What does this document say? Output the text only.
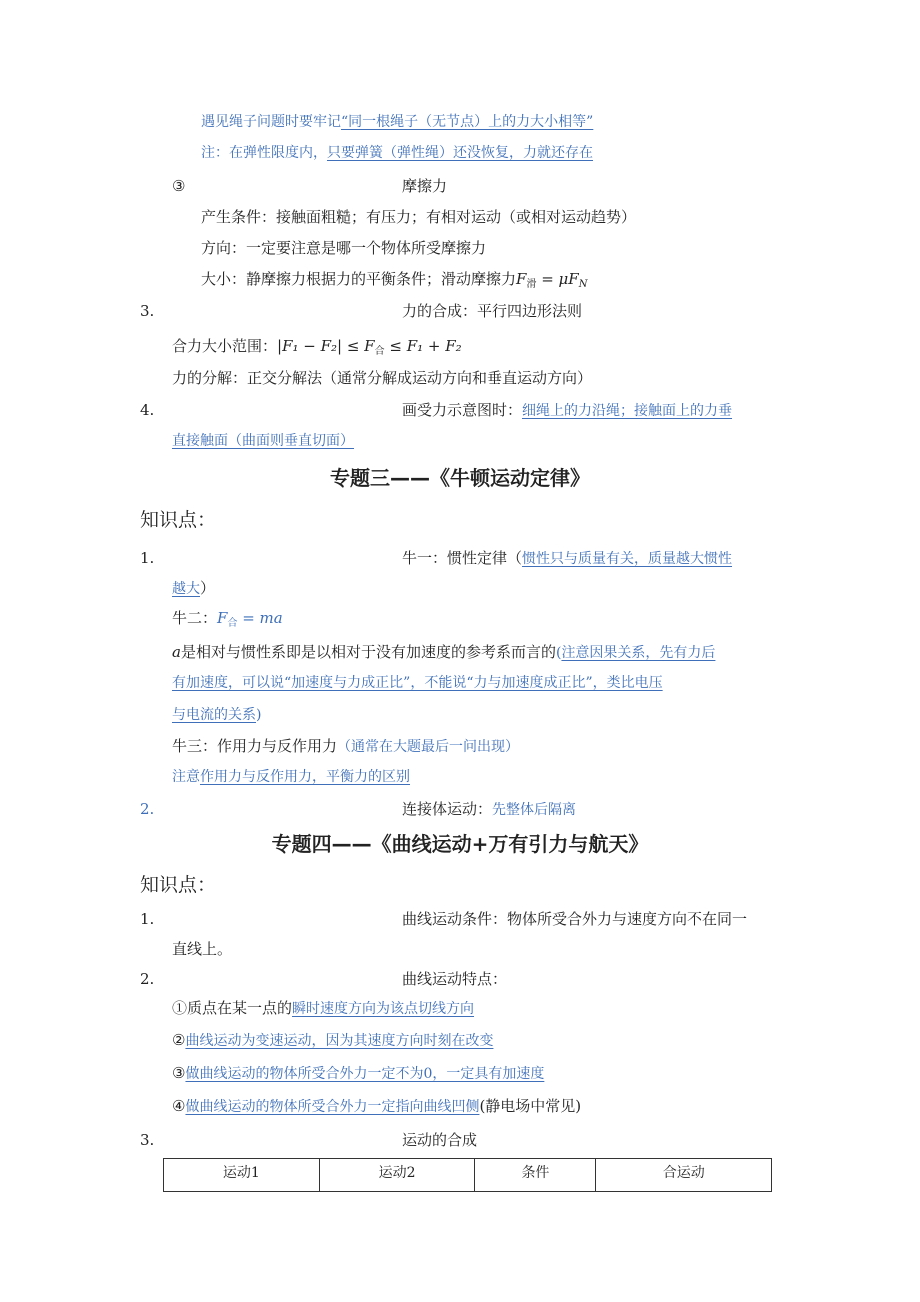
遇见绳子问题时要牢记“同一根绳子（无节点）上的力大小相等”
注：在弹性限度内，只要弹簧（弹性绳）还没恢复，力就还存在
③	摩擦力
产生条件：接触面粗糙；有压力；有相对运动（或相对运动趋势）
方向：一定要注意是哪一个物体所受摩擦力
大小：静摩擦力根据力的平衡条件；滑动摩擦力$F_滑 = \mu F_N$
3.	力的合成：平行四边形法则
合力大小范围：$|F_1 - F_2| \le F_合 \le F_1 + F_2$
力的分解：正交分解法（通常分解成运动方向和垂直运动方向）
4.	画受力示意图时：细绳上的力沿绳；接触面上的力垂
直接触面（曲面则垂直切面）
专题三——《牛顿运动定律》
知识点：
1.	牛一：惯性定律（惯性只与质量有关，质量越大惯性
越大）
牛二：$F_合$ = ma
a是相对与惯性系即是以相对于没有加速度的参考系而言的(注意因果关系，先有力后
有加速度，可以说“加速度与力成正比”，不能说“力与加速度成正比”，类比电压
与电流的关系)
牛三：作用力与反作用力（通常在大题最后一问出现）
注意作用力与反作用力，平衡力的区别
2.	连接体运动：先整体后隔离
专题四——《曲线运动+万有引力与航天》
知识点：
1.	曲线运动条件：物体所受合外力与速度方向不在同一
直线上。
2.	曲线运动特点：
①质点在某一点的瞬时速度方向为该点切线方向
②曲线运动为变速运动，因为其速度方向时刻在改变
③做曲线运动的物体所受合外力一定不为0，一定具有加速度
④做曲线运动的物体所受合外力一定指向曲线凹侧(静电场中常见)
3.	运动的合成
运动1	运动2	条件	合运动
